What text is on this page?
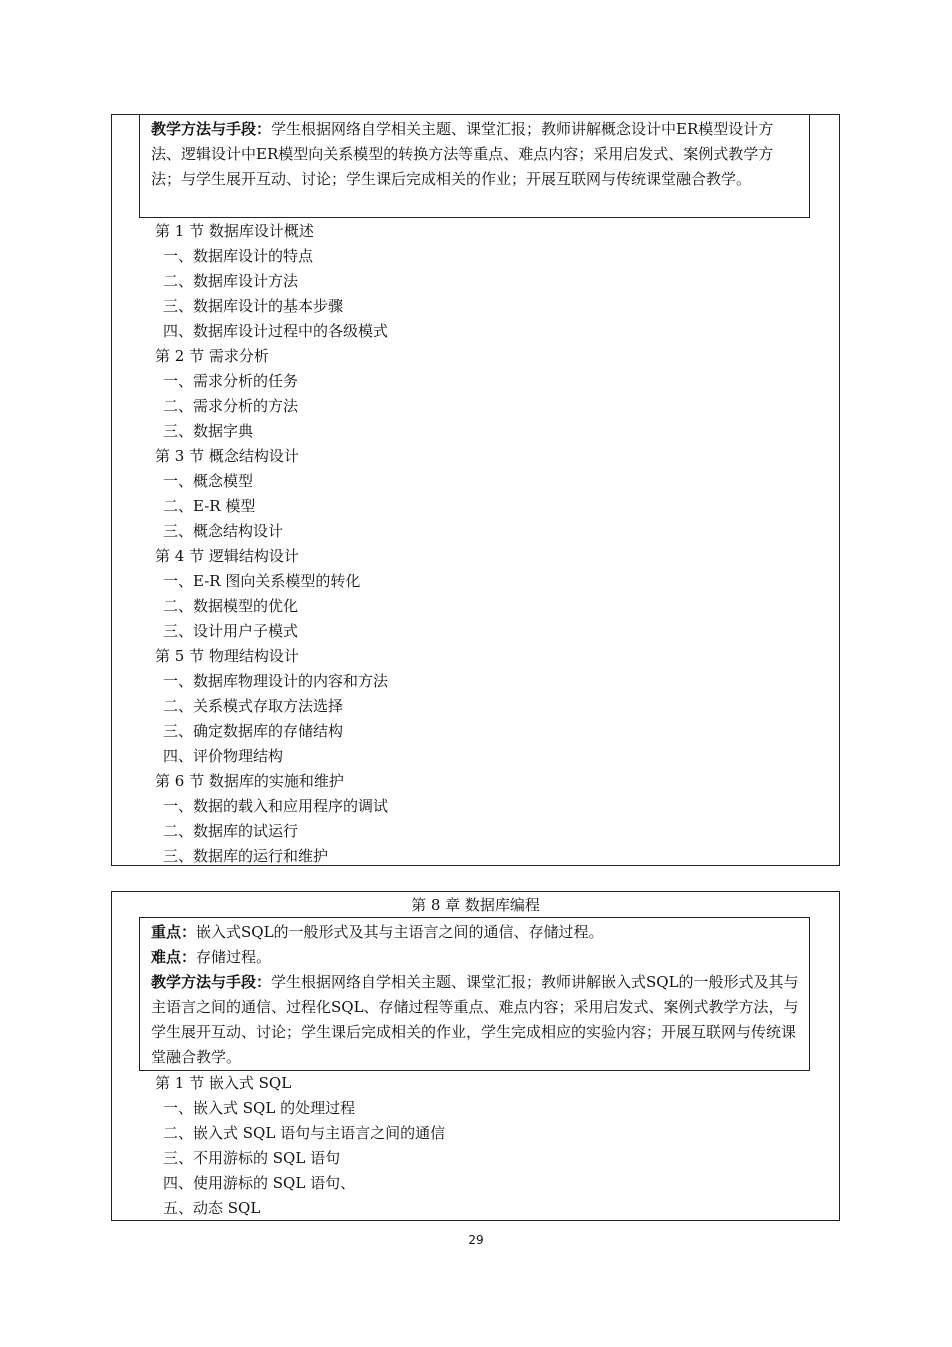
教学方法与手段：学生根据网络自学相关主题、课堂汇报；教师讲解概念设计中ER模型设计方法、逻辑设计中ER模型向关系模型的转换方法等重点、难点内容；采用启发式、案例式教学方法；与学生展开互动、讨论；学生课后完成相关的作业；开展互联网与传统课堂融合教学。
第 1 节 数据库设计概述
一、数据库设计的特点
二、数据库设计方法
三、数据库设计的基本步骤
四、数据库设计过程中的各级模式
第 2 节 需求分析
一、需求分析的任务
二、需求分析的方法
三、数据字典
第 3 节 概念结构设计
一、概念模型
二、E-R 模型
三、概念结构设计
第 4 节 逻辑结构设计
一、E-R 图向关系模型的转化
二、数据模型的优化
三、设计用户子模式
第 5 节 物理结构设计
一、数据库物理设计的内容和方法
二、关系模式存取方法选择
三、确定数据库的存储结构
四、评价物理结构
第 6 节 数据库的实施和维护
一、数据的载入和应用程序的调试
二、数据库的试运行
三、数据库的运行和维护
第 8 章 数据库编程
重点：嵌入式SQL的一般形式及其与主语言之间的通信、存储过程。
难点：存储过程。
教学方法与手段：学生根据网络自学相关主题、课堂汇报；教师讲解嵌入式SQL的一般形式及其与主语言之间的通信、过程化SQL、存储过程等重点、难点内容；采用启发式、案例式教学方法，与学生展开互动、讨论；学生课后完成相关的作业，学生完成相应的实验内容；开展互联网与传统课堂融合教学。
第 1 节 嵌入式 SQL
一、嵌入式 SQL 的处理过程
二、嵌入式 SQL 语句与主语言之间的通信
三、不用游标的 SQL 语句
四、使用游标的 SQL 语句、
五、动态 SQL
29
